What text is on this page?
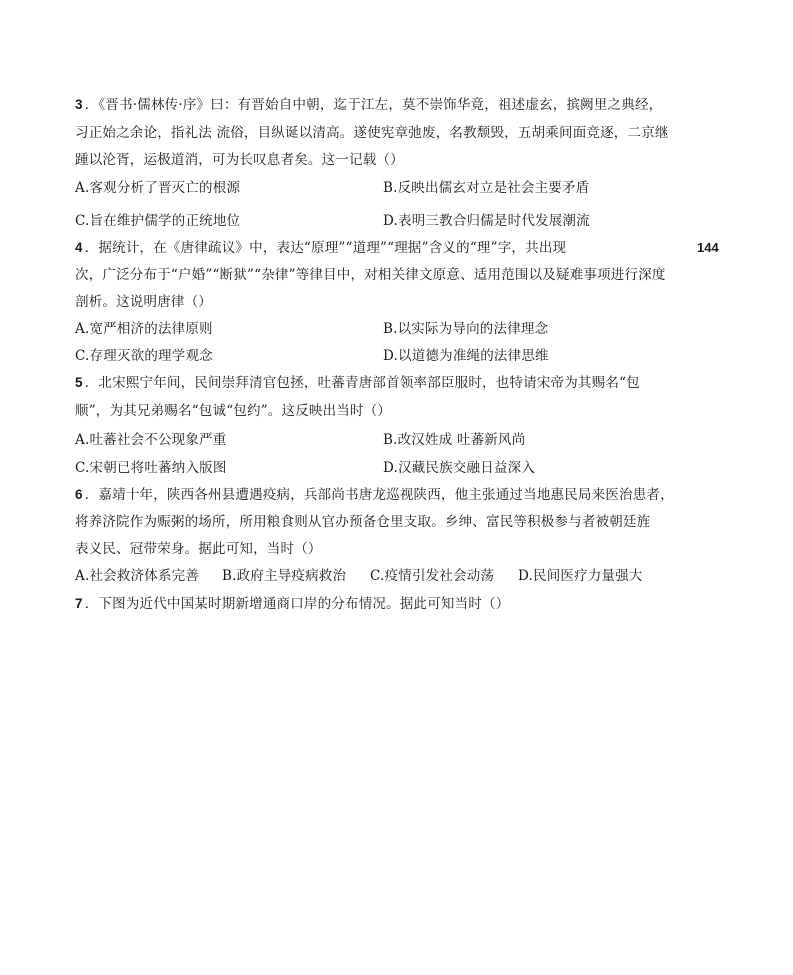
3 ．《晋书·儒林传·序》曰：有晋始自中朝，迄于江左，莫不崇饰华竟，祖述虚玄，摈阙里之典经，
习正始之余论，指礼法 流俗，目纵诞以清高。遂使宪章弛废，名教颓毁，五胡乘间面竞逐，二京继
踵以沦胥，运极道消，可为长叹息者矣。这一记载（）
A.客观分析了晋灭亡的根源	B.反映出儒玄对立是社会主要矛盾
C.旨在维护儒学的正统地位	D.表明三教合归儒是时代发展潮流
4 ．据统计，在《唐律疏议》中，表达“原理”“道理”“理据”含义的“理”字，共出现	144
次，广泛分布于“户婚”“断狱”“杂律”等律目中，对相关律文原意、适用范围以及疑难事项进行深度
剖析。这说明唐律（）
A.宽严相济的法律原则	B.以实际为导向的法律理念
C.存理灭欲的理学观念	D.以道德为准绳的法律思维
5 ．北宋熙宁年间，民间崇拜清官包拯，吐蕃青唐部首领率部臣服时，也特请宋帝为其赐名“包
顺”，为其兄弟赐名“包诚“包约”。这反映出当时（）
A.吐蕃社会不公现象严重	B.改汉姓成 吐蕃新风尚
C.宋朝已将吐蕃纳入版图	D.汉藏民族交融日益深入
6 ．嘉靖十年，陕西各州县遭遇疫病，兵部尚书唐龙巡视陕西，他主张通过当地惠民局来医治患者，
将养济院作为赈粥的场所，所用粮食则从官办预备仓里支取。乡绅、富民等积极参与者被朝廷旌
表义民、冠带荣身。据此可知，当时（）
A.社会救济体系完善 B.政府主导疫病救治 C.疫情引发社会动荡 D.民间医疗力量强大
7 ．下图为近代中国某时期新增通商口岸的分布情况。据此可知当时（）
